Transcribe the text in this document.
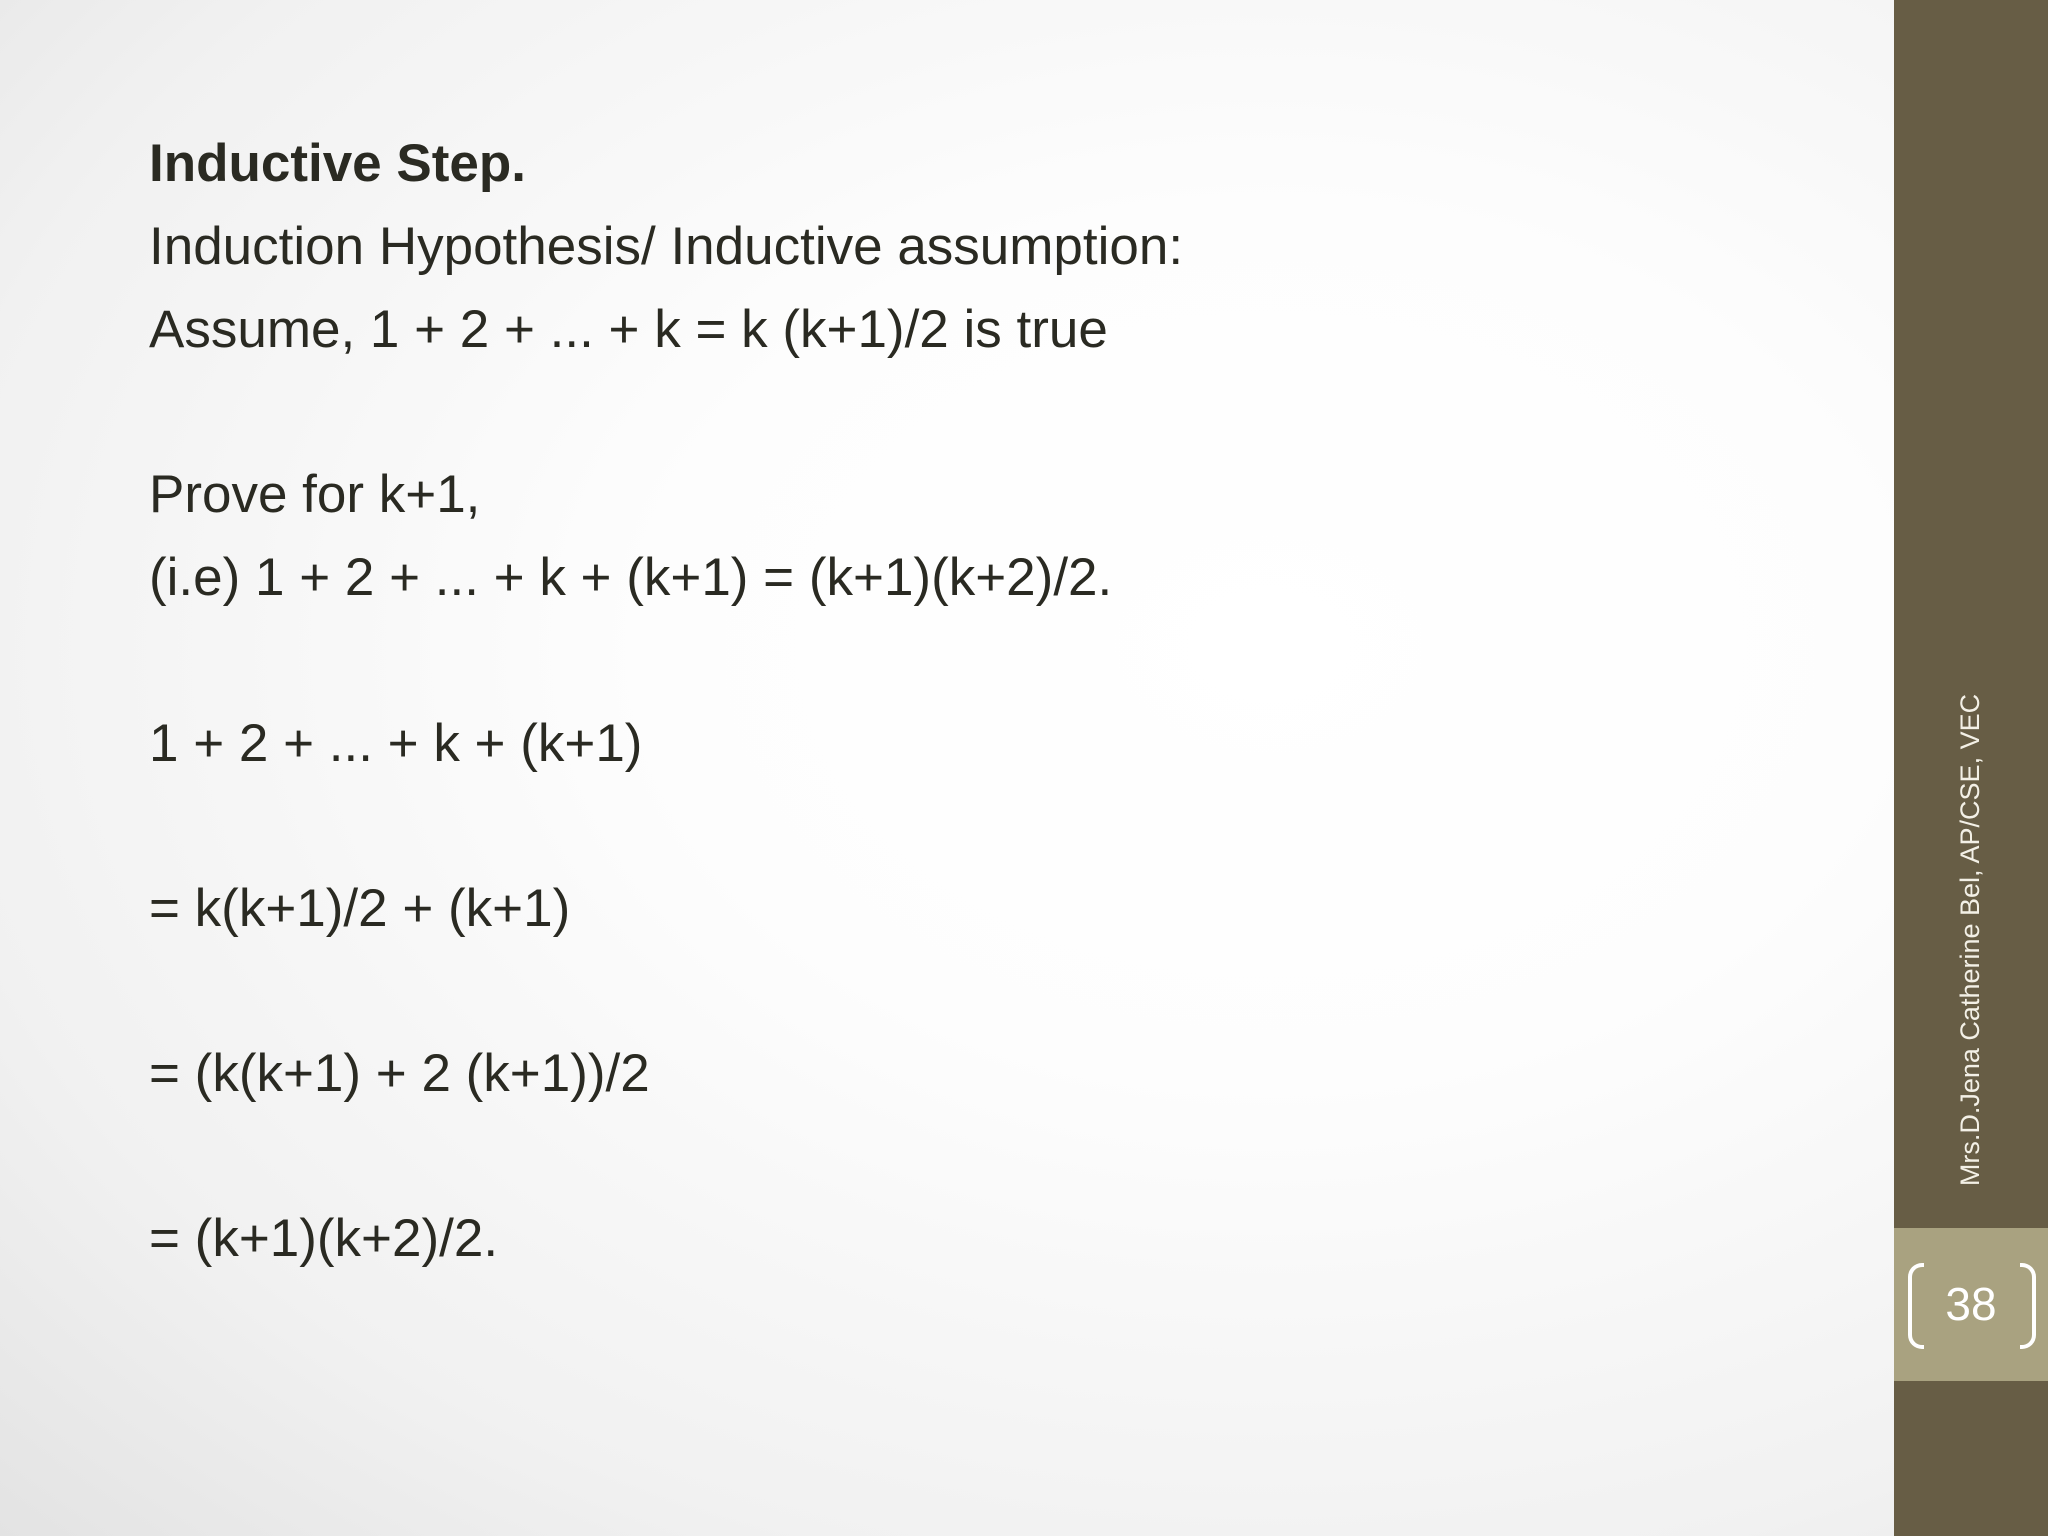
Inductive Step.
Induction Hypothesis/ Inductive assumption:
Assume, 1 + 2 + ... + k = k (k+1)/2 is true
Prove for k+1,
(i.e) 1 + 2 + ... + k + (k+1) = (k+1)(k+2)/2.
1 + 2 + ... + k + (k+1)
= k(k+1)/2 + (k+1)
= (k(k+1) + 2 (k+1))/2
= (k+1)(k+2)/2.
Mrs.D.Jena Catherine Bel, AP/CSE, VEC
38
